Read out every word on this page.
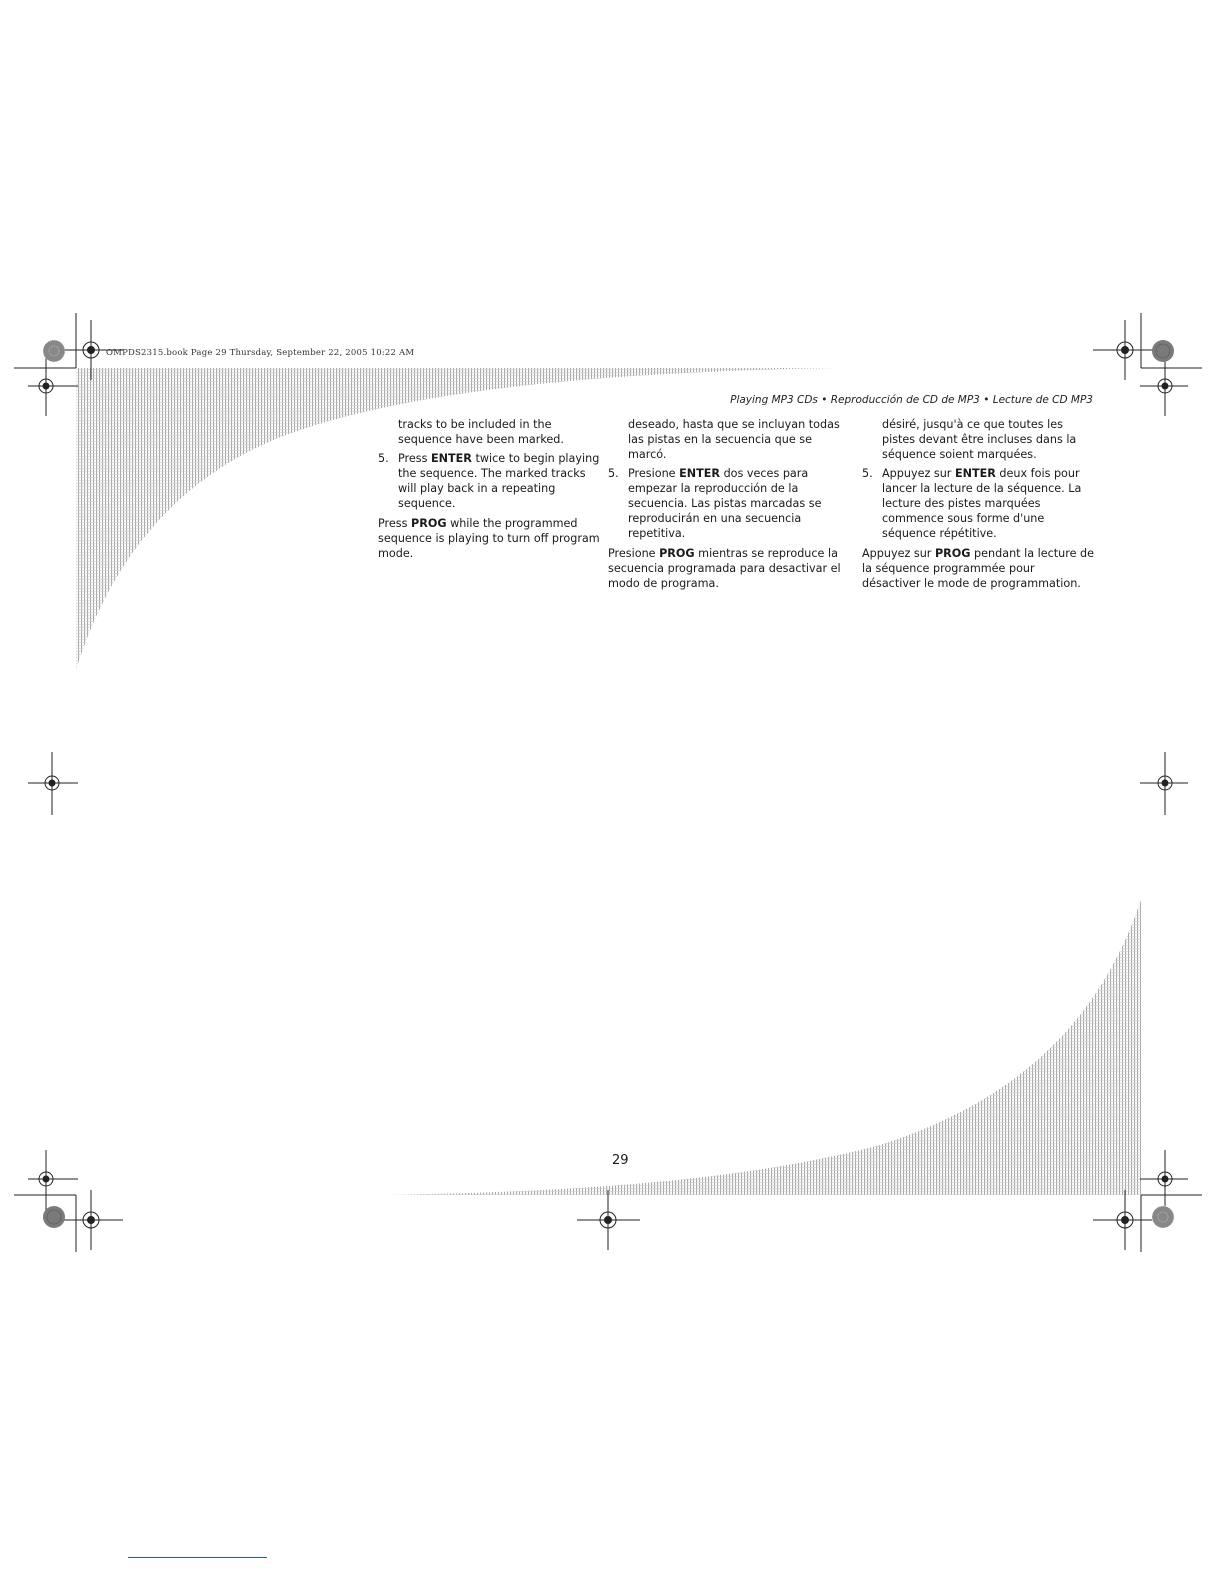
OMPDS2315.book Page 29 Thursday, September 22, 2005 10:22 AM
Playing MP3 CDs • Reproducción de CD de MP3 • Lecture de CD MP3

tracks to be included in the sequence have been marked.

5. Press ENTER twice to begin playing the sequence. The marked tracks will play back in a repeating sequence.

Press PROG while the programmed sequence is playing to turn off program mode.

deseado, hasta que se incluyan todas las pistas en la secuencia que se marcó.

5. Presione ENTER dos veces para empezar la reproducción de la secuencia. Las pistas marcadas se reproducirán en una secuencia repetitiva.

Presione PROG mientras se reproduce la secuencia programada para desactivar el modo de programa.

désiré, jusqu'à ce que toutes les pistes devant être incluses dans la séquence soient marquées.

5. Appuyez sur ENTER deux fois pour lancer la lecture de la séquence. La lecture des pistes marquées commence sous forme d'une séquence répétitive.

Appuyez sur PROG pendant la lecture de la séquence programmée pour désactiver le mode de programmation.

29
